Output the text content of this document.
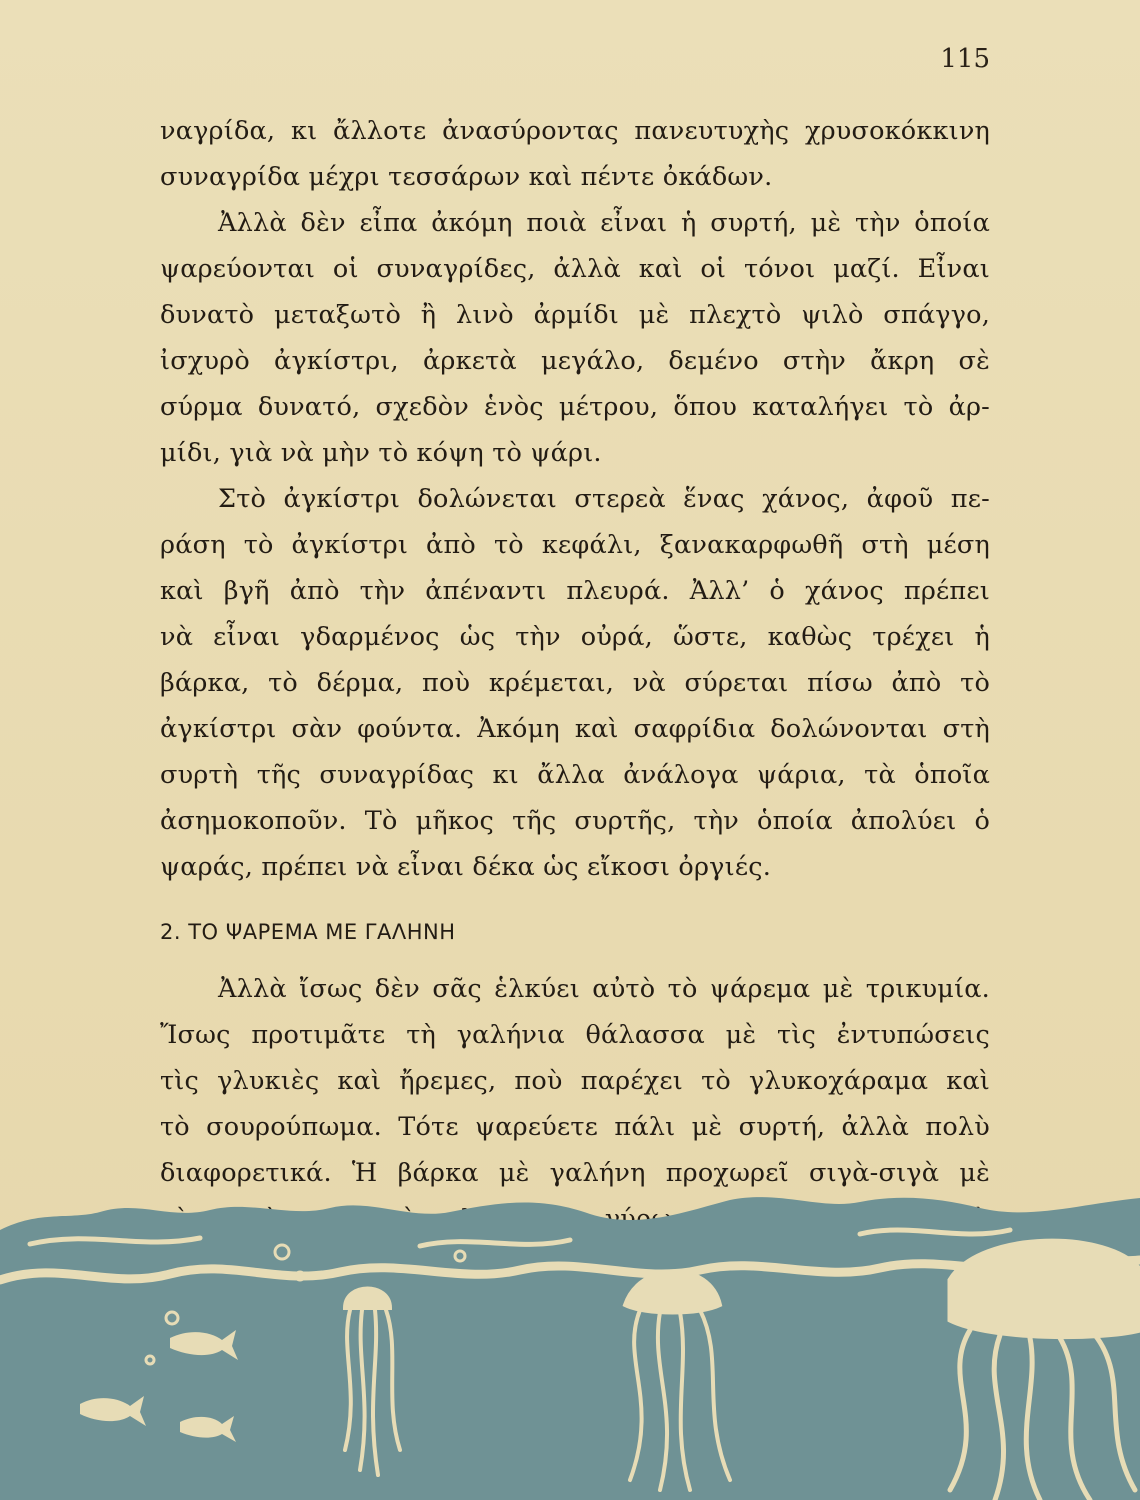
115
ναγρίδα, κι ἄλλοτε ἀνασύροντας πανευτυχὴς χρυσοκόκκινη
συναγρίδα μέχρι τεσσάρων καὶ πέντε ὀκάδων.
Ἀλλὰ δὲν εἶπα ἀκόμη ποιὰ εἶναι ἡ συρτή, μὲ τὴν ὁποία
ψαρεύονται οἱ συναγρίδες, ἀλλὰ καὶ οἱ τόνοι μαζί. Εἶναι
δυνατὸ μεταξωτὸ ἢ λινὸ ἀρμίδι μὲ πλεχτὸ ψιλὸ σπάγγο,
ἰσχυρὸ ἀγκίστρι, ἀρκετὰ μεγάλο, δεμένο στὴν ἄκρη σὲ
σύρμα δυνατό, σχεδὸν ἑνὸς μέτρου, ὅπου καταλήγει τὸ ἀρ-
μίδι, γιὰ νὰ μὴν τὸ κόψη τὸ ψάρι.
Στὸ ἀγκίστρι δολώνεται στερεὰ ἕνας χάνος, ἀφοῦ πε-
ράση τὸ ἀγκίστρι ἀπὸ τὸ κεφάλι, ξανακαρφωθῆ στὴ μέση
καὶ βγῆ ἀπὸ τὴν ἀπέναντι πλευρά. Ἀλλ’ ὁ χάνος πρέπει
νὰ εἶναι γδαρμένος ὡς τὴν οὐρά, ὥστε, καθὼς τρέχει ἡ
βάρκα, τὸ δέρμα, ποὺ κρέμεται, νὰ σύρεται πίσω ἀπὸ τὸ
ἀγκίστρι σὰν φούντα. Ἀκόμη καὶ σαφρίδια δολώνονται στὴ
συρτὴ τῆς συναγρίδας κι ἄλλα ἀνάλογα ψάρια, τὰ ὁποῖα
ἀσημοκοποῦν. Τὸ μῆκος τῆς συρτῆς, τὴν ὁποία ἀπολύει ὁ
ψαράς, πρέπει νὰ εἶναι δέκα ὡς εἴκοσι ὀργιές.
2. ΤΟ ΨΑΡΕΜΑ ΜΕ ΓΑΛΗΝΗ
Ἀλλὰ ἴσως δὲν σᾶς ἑλκύει αὐτὸ τὸ ψάρεμα μὲ τρικυμία.
Ἴσως προτιμᾶτε τὴ γαλήνια θάλασσα μὲ τὶς ἐντυπώσεις
τὶς γλυκιὲς καὶ ἤρεμες, ποὺ παρέχει τὸ γλυκοχάραμα καὶ
τὸ σουρούπωμα. Τότε ψαρεύετε πάλι μὲ συρτή, ἀλλὰ πολὺ
διαφορετικά. Ἡ βάρκα μὲ γαλήνη προχωρεῖ σιγὰ-σιγὰ μὲ
